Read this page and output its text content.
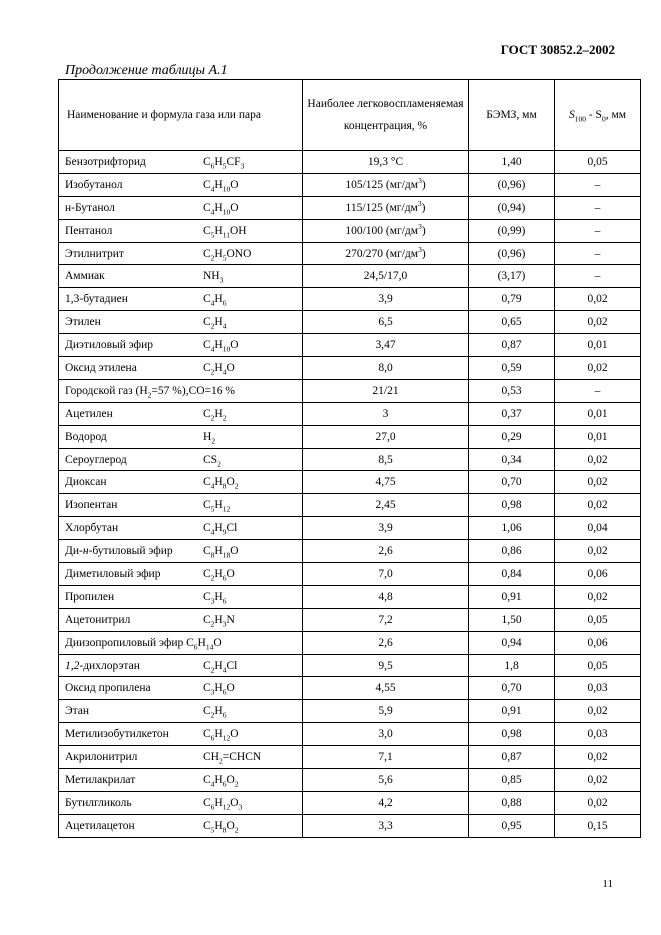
ГОСТ 30852.2–2002
Продолжение таблицы А.1
Наименование и формула газа или пара	Наиболее легковоспламеняемая концентрация, %	БЭМЗ, мм	$S_{100} - S_0$, мм
Бензотрифторид $C_6H_5CF_3$	19,3 °C	1,40	0,05
Изобутанол $C_4H_{10}O$	105/125 $(мг/дм^3)$	(0,96)	–
н-Бутанол $C_4H_{10}O$	115/125 $(мг/дм^3)$	(0,94)	–
Пентанол $C_5H_{11}OH$	100/100 $(мг/дм^3)$	(0,99)	–
Этилнитрит $C_2H_5ONO$	270/270 $(мг/дм^3)$	(0,96)	–
Аммиак $NH_3$	24,5/17,0	(3,17)	–
1,3-бутадиен $C_4H_6$	3,9	0,79	0,02
Этилен $C_2H_4$	6,5	0,65	0,02
Диэтиловый эфир $C_4H_{10}O$	3,47	0,87	0,01
Оксид этилена $C_2H_4O$	8,0	0,59	0,02
Городской газ ($H_2=57$ %),CO=16 %	21/21	0,53	–
Ацетилен $C_2H_2$	3	0,37	0,01
Водород $H_2$	27,0	0,29	0,01
Сероуглерод $CS_2$	8,5	0,34	0,02
Диоксан $C_4H_8O_2$	4,75	0,70	0,02
Изопентан $C_5H_{12}$	2,45	0,98	0,02
Хлорбутан $C_4H_9Cl$	3,9	1,06	0,04
Ди-н-бутиловый эфир $C_8H_{18}O$	2,6	0,86	0,02
Диметиловый эфир $C_2H_6O$	7,0	0,84	0,06
Пропилен $C_3H_6$	4,8	0,91	0,02
Ацетонитрил $C_2H_3N$	7,2	1,50	0,05
Диизопропиловый эфир $C_6H_{14}O$	2,6	0,94	0,06
1,2-дихлорэтан $C_2H_4Cl$	9,5	1,8	0,05
Оксид пропилена $C_3H_6O$	4,55	0,70	0,03
Этан $C_2H_6$	5,9	0,91	0,02
Метилизобутилкетон $C_6H_{12}O$	3,0	0,98	0,03
Акрилонитрил $CH_2=CHCN$	7,1	0,87	0,02
Метилакрилат $C_4H_6O_2$	5,6	0,85	0,02
Бутилгликоль $C_6H_{12}O_3$	4,2	0,88	0,02
Ацетилацетон $C_5H_8O_2$	3,3	0,95	0,15
11
